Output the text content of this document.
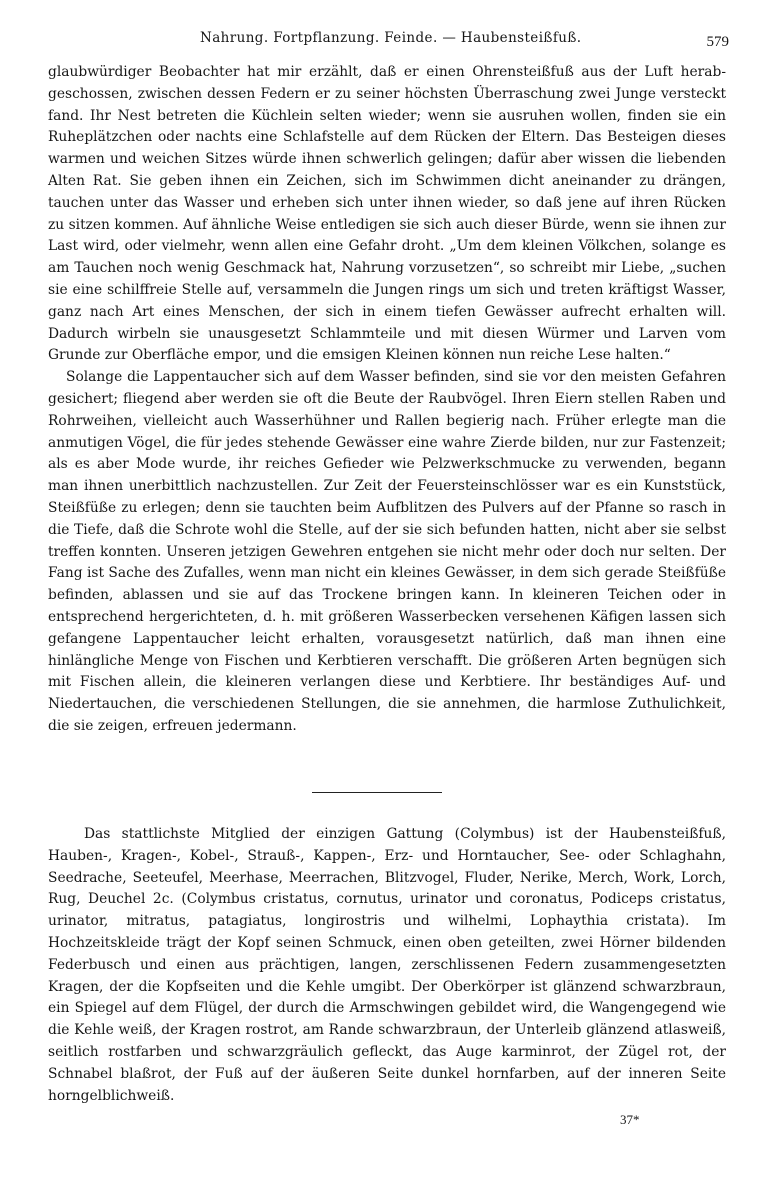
Nahrung. Fortpflanzung. Feinde. — Haubensteißfuß.	579

glaubwürdiger Beobachter hat mir erzählt, daß er einen Ohrensteißfuß aus der Luft herabgeschossen, zwischen dessen Federn er zu seiner höchsten Überraschung zwei Junge versteckt fand. Ihr Nest betreten die Küchlein selten wieder; wenn sie ausruhen wollen, finden sie ein Ruheplätzchen oder nachts eine Schlafstelle auf dem Rücken der Eltern. Das Besteigen dieses warmen und weichen Sitzes würde ihnen schwerlich gelingen; dafür aber wissen die liebenden Alten Rat. Sie geben ihnen ein Zeichen, sich im Schwimmen dicht aneinander zu drängen, tauchen unter das Wasser und erheben sich unter ihnen wieder, so daß jene auf ihren Rücken zu sitzen kommen. Auf ähnliche Weise entledigen sie sich auch dieser Bürde, wenn sie ihnen zur Last wird, oder vielmehr, wenn allen eine Gefahr droht. „Um dem kleinen Völkchen, solange es am Tauchen noch wenig Geschmack hat, Nahrung vorzusetzen“, so schreibt mir Liebe, „suchen sie eine schilffreie Stelle auf, versammeln die Jungen rings um sich und treten kräftigst Wasser, ganz nach Art eines Menschen, der sich in einem tiefen Gewässer aufrecht erhalten will. Dadurch wirbeln sie unausgesetzt Schlammteile und mit diesen Würmer und Larven vom Grunde zur Oberfläche empor, und die emsigen Kleinen können nun reiche Lese halten.“

Solange die Lappentaucher sich auf dem Wasser befinden, sind sie vor den meisten Gefahren gesichert; fliegend aber werden sie oft die Beute der Raubvögel. Ihren Eiern stellen Raben und Rohrweihen, vielleicht auch Wasserhühner und Rallen begierig nach. Früher erlegte man die anmutigen Vögel, die für jedes stehende Gewässer eine wahre Zierde bilden, nur zur Fastenzeit; als es aber Mode wurde, ihr reiches Gefieder wie Pelzwerkschmucke zu verwenden, begann man ihnen unerbittlich nachzustellen. Zur Zeit der Feuersteinschlösser war es ein Kunststück, Steißfüße zu erlegen; denn sie tauchten beim Aufblitzen des Pulvers auf der Pfanne so rasch in die Tiefe, daß die Schrote wohl die Stelle, auf der sie sich befunden hatten, nicht aber sie selbst treffen konnten. Unseren jetzigen Gewehren entgehen sie nicht mehr oder doch nur selten. Der Fang ist Sache des Zufalles, wenn man nicht ein kleines Gewässer, in dem sich gerade Steißfüße befinden, ablassen und sie auf das Trockene bringen kann. In kleineren Teichen oder in entsprechend hergerichteten, d. h. mit größeren Wasserbecken versehenen Käfigen lassen sich gefangene Lappentaucher leicht erhalten, vorausgesetzt natürlich, daß man ihnen eine hinlängliche Menge von Fischen und Kerbtieren verschafft. Die größeren Arten begnügen sich mit Fischen allein, die kleineren verlangen diese und Kerbtiere. Ihr beständiges Auf- und Niedertauchen, die verschiedenen Stellungen, die sie annehmen, die harmlose Zuthulichkeit, die sie zeigen, erfreuen jedermann.

Das stattlichste Mitglied der einzigen Gattung (Colymbus) ist der Haubensteißfuß, Hauben-, Kragen-, Kobel-, Strauß-, Kappen-, Erz- und Horntaucher, See- oder Schlaghahn, Seedrache, Seeteufel, Meerhase, Meerrachen, Blitzvogel, Fluder, Nerike, Merch, Work, Lorch, Rug, Deuchel 2c. (Colymbus cristatus, cornutus, urinator und coronatus, Podiceps cristatus, urinator, mitratus, patagiatus, longirostris und wilhelmi, Lophaythia cristata). Im Hochzeitskleide trägt der Kopf seinen Schmuck, einen oben geteilten, zwei Hörner bildenden Federbusch und einen aus prächtigen, langen, zerschlissenen Federn zusammengesetzten Kragen, der die Kopfseiten und die Kehle umgibt. Der Oberkörper ist glänzend schwarzbraun, ein Spiegel auf dem Flügel, der durch die Armschwingen gebildet wird, die Wangengegend wie die Kehle weiß, der Kragen rostrot, am Rande schwarzbraun, der Unterleib glänzend atlasweiß, seitlich rostfarben und schwarzgräulich gefleckt, das Auge karminrot, der Zügel rot, der Schnabel blaßrot, der Fuß auf der äußeren Seite dunkel hornfarben, auf der inneren Seite horngelblichweiß.

37*
